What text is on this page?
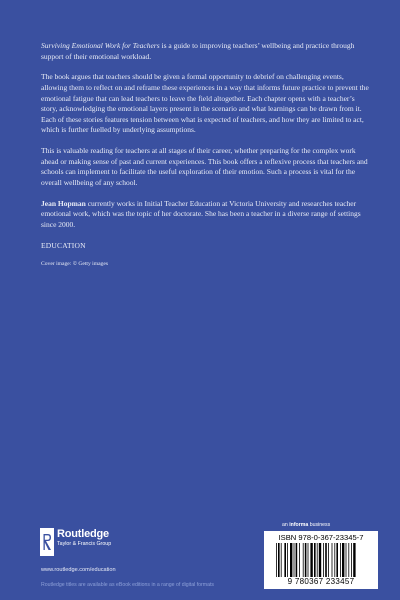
Surviving Emotional Work for Teachers is a guide to improving teachers’ wellbeing and practice through support of their emotional workload.

The book argues that teachers should be given a formal opportunity to debrief on challenging events, allowing them to reflect on and reframe these experiences in a way that informs future practice to prevent the emotional fatigue that can lead teachers to leave the field altogether. Each chapter opens with a teacher’s story, acknowledging the emotional layers present in the scenario and what learnings can be drawn from it. Each of these stories features tension between what is expected of teachers, and how they are limited to act, which is further fuelled by underlying assumptions.

This is valuable reading for teachers at all stages of their career, whether preparing for the complex work ahead or making sense of past and current experiences. This book offers a reflexive process that teachers and schools can implement to facilitate the useful exploration of their emotion. Such a process is vital for the overall wellbeing of any school.

Jean Hopman currently works in Initial Teacher Education at Victoria University and researches teacher emotional work, which was the topic of her doctorate. She has been a teacher in a diverse range of settings since 2000.

EDUCATION

Cover image: © Getty images

Routledge
Taylor & Francis Group
www.routledge.com/education
Routledge titles are available as eBook editions in a range of digital formats
an informa business
ISBN 978-0-367-23345-7
9 780367 233457
